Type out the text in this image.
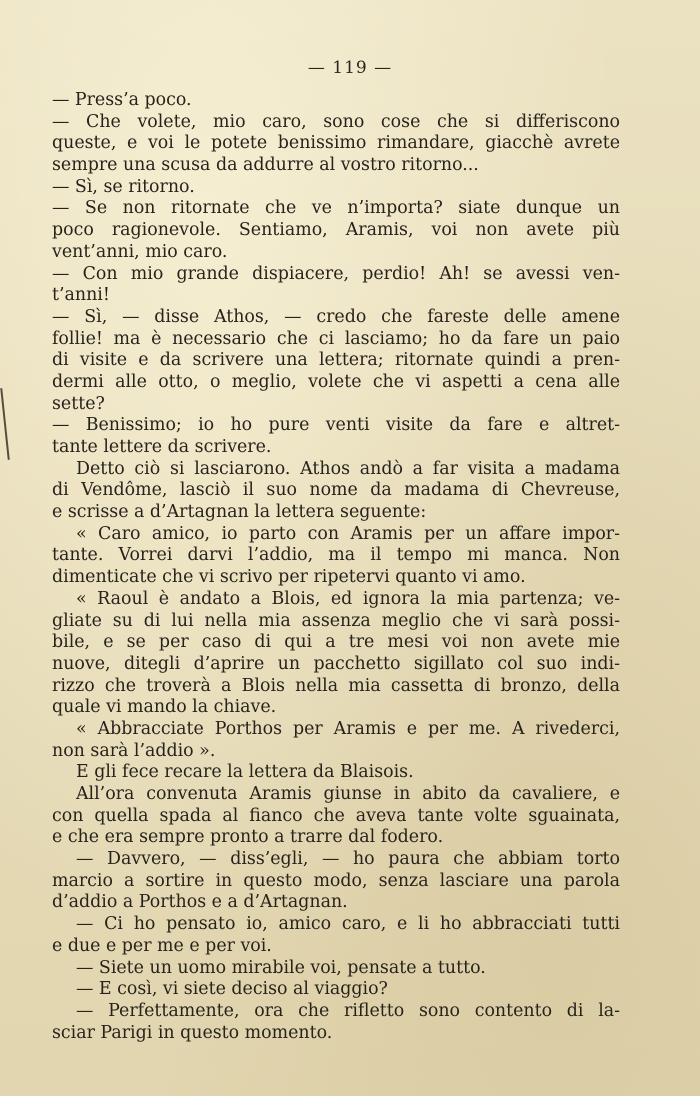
— 119 —
— Press’a poco.
— Che volete, mio caro, sono cose che si differiscono
queste, e voi le potete benissimo rimandare, giacchè avrete
sempre una scusa da addurre al vostro ritorno...
— Sì, se ritorno.
— Se non ritornate che ve n’importa? siate dunque un
poco ragionevole. Sentiamo, Aramis, voi non avete più
vent’anni, mio caro.
— Con mio grande dispiacere, perdio! Ah! se avessi ven-
t’anni!
— Sì, — disse Athos, — credo che fareste delle amene
follie! ma è necessario che ci lasciamo; ho da fare un paio
di visite e da scrivere una lettera; ritornate quindi a pren-
dermi alle otto, o meglio, volete che vi aspetti a cena alle
sette?
— Benissimo; io ho pure venti visite da fare e altret-
tante lettere da scrivere.
Detto ciò si lasciarono. Athos andò a far visita a madama
di Vendôme, lasciò il suo nome da madama di Chevreuse,
e scrisse a d’Artagnan la lettera seguente:
« Caro amico, io parto con Aramis per un affare impor-
tante. Vorrei darvi l’addio, ma il tempo mi manca. Non
dimenticate che vi scrivo per ripetervi quanto vi amo.
« Raoul è andato a Blois, ed ignora la mia partenza; ve-
gliate su di lui nella mia assenza meglio che vi sarà possi-
bile, e se per caso di qui a tre mesi voi non avete mie
nuove, ditegli d’aprire un pacchetto sigillato col suo indi-
rizzo che troverà a Blois nella mia cassetta di bronzo, della
quale vi mando la chiave.
« Abbracciate Porthos per Aramis e per me. A rivederci,
non sarà l’addio ».
E gli fece recare la lettera da Blaisois.
All’ora convenuta Aramis giunse in abito da cavaliere, e
con quella spada al fianco che aveva tante volte sguainata,
e che era sempre pronto a trarre dal fodero.
— Davvero, — diss’egli, — ho paura che abbiam torto
marcio a sortire in questo modo, senza lasciare una parola
d’addio a Porthos e a d’Artagnan.
— Ci ho pensato io, amico caro, e li ho abbracciati tutti
e due e per me e per voi.
— Siete un uomo mirabile voi, pensate a tutto.
— E così, vi siete deciso al viaggio?
— Perfettamente, ora che rifletto sono contento di la-
sciar Parigi in questo momento.
